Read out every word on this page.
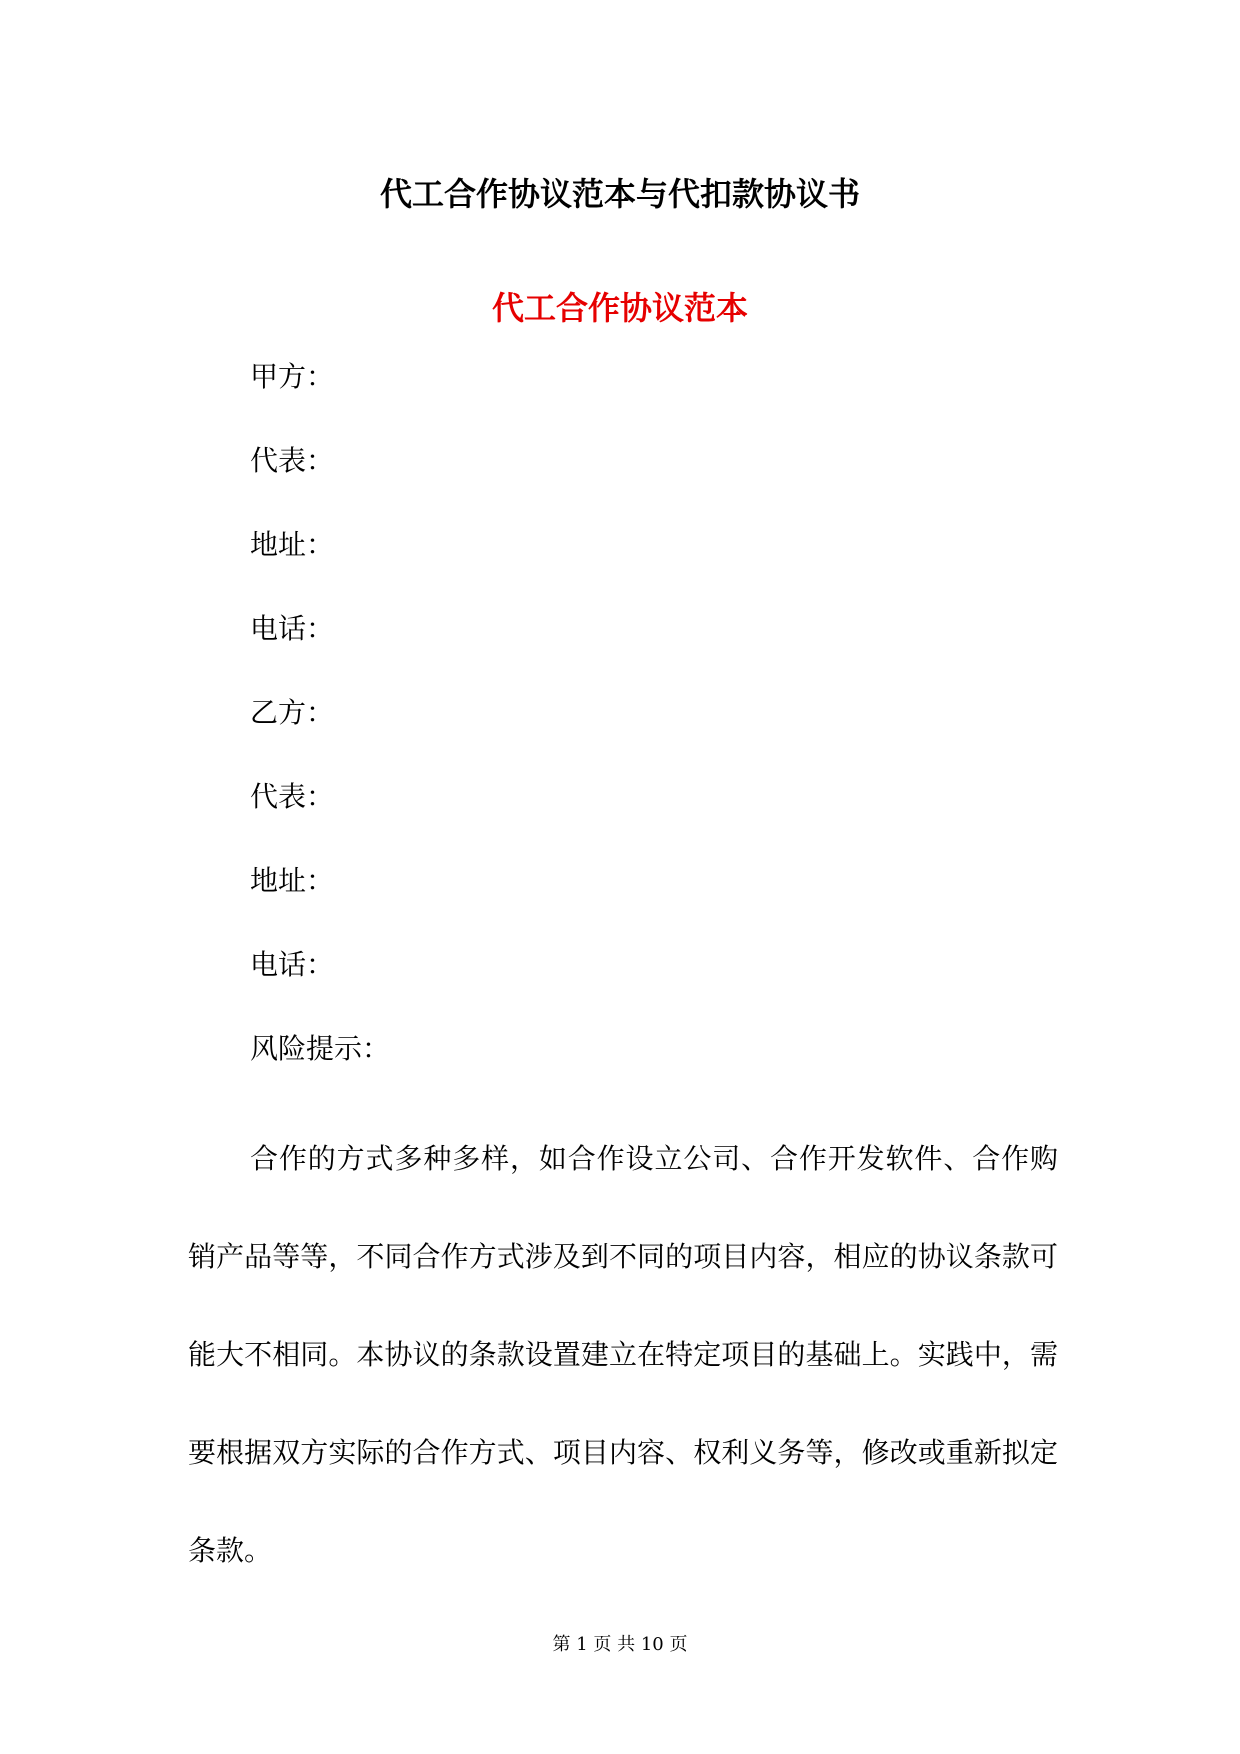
代工合作协议范本与代扣款协议书
代工合作协议范本

甲方：

代表：

地址：

电话：

乙方：

代表：

地址：

电话：

风险提示：

合作的方式多种多样，如合作设立公司、合作开发软件、合作购销产品等等，不同合作方式涉及到不同的项目内容，相应的协议条款可能大不相同。本协议的条款设置建立在特定项目的基础上。实践中，需要根据双方实际的合作方式、项目内容、权利义务等，修改或重新拟定条款。

第 1 页 共 10 页
